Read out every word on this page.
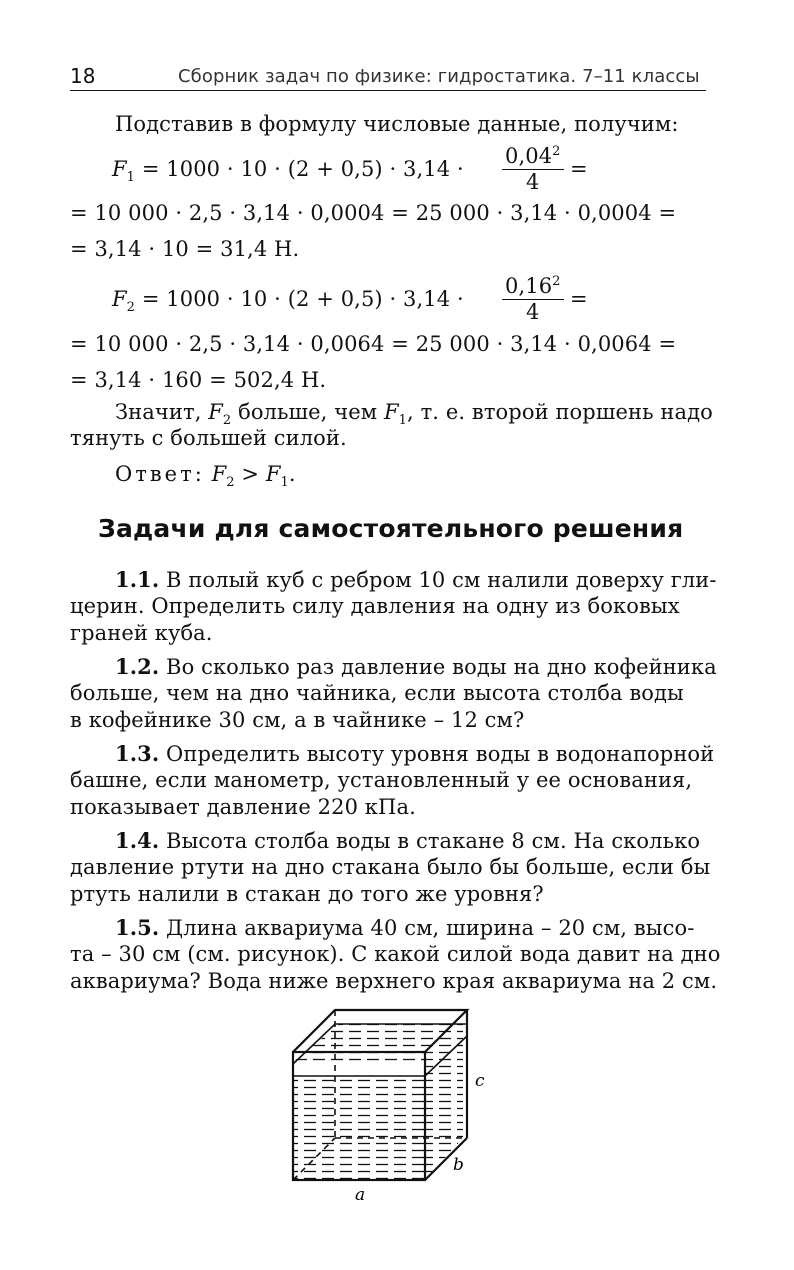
18	Сборник задач по физике: гидростатика. 7–11 классы
Подставив в формулу числовые данные, получим:
$F_1 = 1000 \cdot 10 \cdot (2 + 0,5) \cdot 3,14 \cdot \frac{0,04^2}{4}$ =
= 10 000 · 2,5 · 3,14 · 0,0004 = 25 000 · 3,14 · 0,0004 =
= 3,14 · 10 = 31,4 Н.
$F_2 = 1000 \cdot 10 \cdot (2 + 0,5) \cdot 3,14 \cdot \frac{0,16^2}{4}$ =
= 10 000 · 2,5 · 3,14 · 0,0064 = 25 000 · 3,14 · 0,0064 =
= 3,14 · 160 = 502,4 Н.
Значит, $F_2$ больше, чем $F_1$, т. е. второй поршень надо
тянуть с большей силой.
Ответ: $F_2 > F_1$.
Задачи для самостоятельного решения
1.1. В полый куб с ребром 10 см налили доверху гли-
церин. Определить силу давления на одну из боковых
граней куба.
1.2. Во сколько раз давление воды на дно кофейника
больше, чем на дно чайника, если высота столба воды
в кофейнике 30 см, а в чайнике – 12 см?
1.3. Определить высоту уровня воды в водонапорной
башне, если манометр, установленный у ее основания,
показывает давление 220 кПа.
1.4. Высота столба воды в стакане 8 см. На сколько
давление ртути на дно стакана было бы больше, если бы
ртуть налили в стакан до того же уровня?
1.5. Длина аквариума 40 см, ширина – 20 см, высо-
та – 30 см (см. рисунок). С какой силой вода давит на дно
аквариума? Вода ниже верхнего края аквариума на 2 см.
a
b
c
